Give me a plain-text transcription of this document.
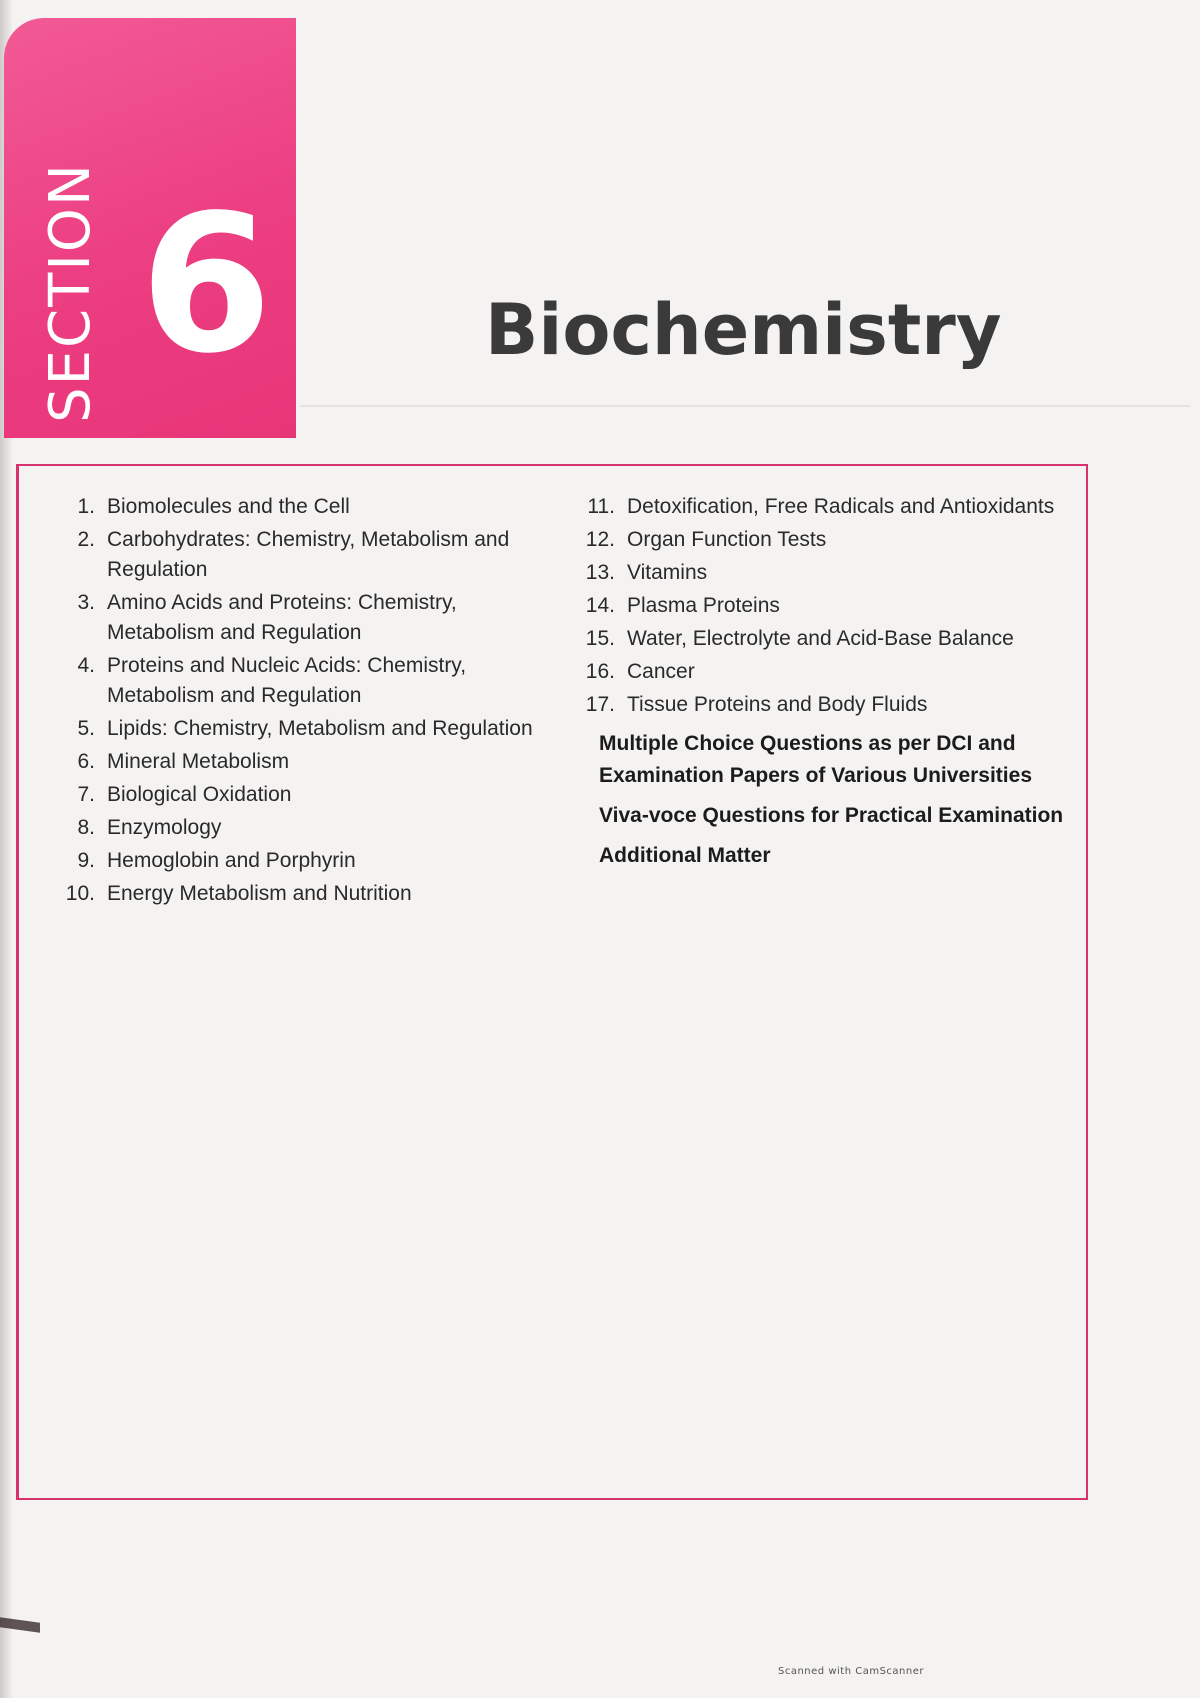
SECTION 6	Biochemistry
1. Biomolecules and the Cell
2. Carbohydrates: Chemistry, Metabolism and Regulation
3. Amino Acids and Proteins: Chemistry, Metabolism and Regulation
4. Proteins and Nucleic Acids: Chemistry, Metabolism and Regulation
5. Lipids: Chemistry, Metabolism and Regulation
6. Mineral Metabolism
7. Biological Oxidation
8. Enzymology
9. Hemoglobin and Porphyrin
10. Energy Metabolism and Nutrition
11. Detoxification, Free Radicals and Antioxidants
12. Organ Function Tests
13. Vitamins
14. Plasma Proteins
15. Water, Electrolyte and Acid-Base Balance
16. Cancer
17. Tissue Proteins and Body Fluids
Multiple Choice Questions as per DCI and Examination Papers of Various Universities
Viva-voce Questions for Practical Examination
Additional Matter
Scanned with CamScanner
